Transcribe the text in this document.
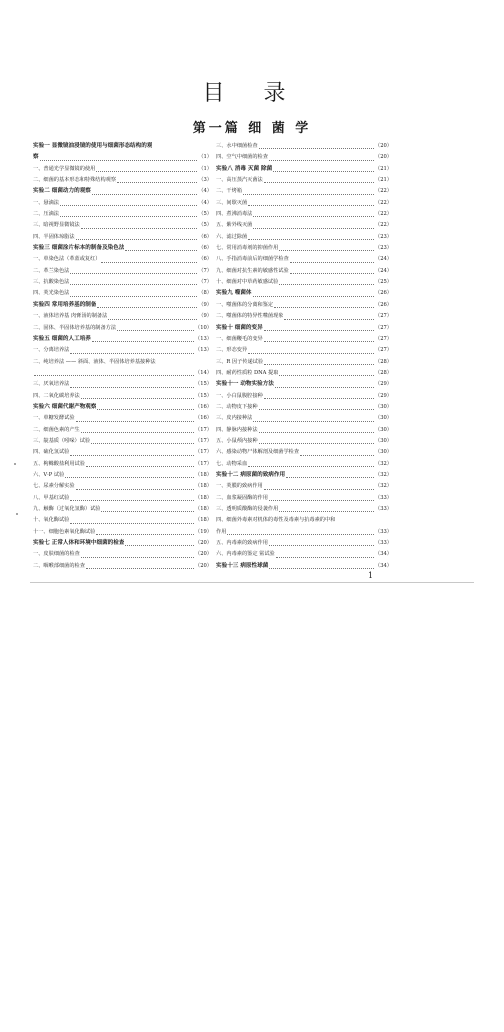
目 录
第一篇 细 菌 学
实验一 显微镜油浸镜的使用与细菌形态结构的观
察	（1）
一、普通光学显微镜的使用	（1）
二、细菌的基本形态和特殊结构观察	（3）
实验二 细菌动力的观察	（4）
一、悬滴法	（4）
二、压滴法	（5）
三、暗视野显微镜法	（5）
四、半固体琼脂法	（6）
实验三 细菌涂片标本的制备及染色法	（6）
一、单染色法（革蓝或复红）	（6）
二、革兰染色法	（7）
三、抗酸染色法	（7）
四、荚光染色法	（8）
实验四 常用培养基的制备	（9）
一、液体培养基 肉膏汤的制备法	（9）
二、固体、半固体培养基的制备方法	（10）
实验五 细菌的人工培养	（13）
一、分离培养法	（13）
二、纯培养法 —— 斜面、液体、半固体培养基接种法
（14）
三、厌氧培养法	（15）
四、二氧化碳培养法	（15）
实验六 细菌代谢产物观察	（16）
一、单糖发酵试验	（16）
二、细菌色素的产生	（17）
三、靛基质（吲哚）试验	（17）
四、硫化氢试验	（17）
五、枸橼酸盐利用试验	（17）
六、V·P 试验	（18）
七、尿素分解实验	（18）
八、甲基红试验	（18）
九、触酶（过氧化氢酶）试验	（18）
十、氧化酶试验	（18）
十一、细胞色素氧化酶试验	（19）
实验七 正常人体和环境中细菌的检查	（20）
一、皮肤细菌的检查	（20）
二、咽喉部细菌的检查	（20）
三、水中细菌检查	（20）
四、空气中细菌的检查	（20）
实验八 消毒 灭菌 除菌	（21）
一、高压蒸汽灭菌法	（21）
二、干烤箱	（22）
三、间歇灭菌	（22）
四、煮沸消毒法	（22）
五、紫外线灭菌	（22）
六、滤过除菌	（23）
七、常用消毒剂的抑菌作用	（23）
八、手指消毒前后的细菌学检查	（24）
九、细菌对抗生素的敏感性试验	（24）
十、细菌对中草药敏感试验	（25）
实验九 噬菌体	（26）
一、噬菌体的分离和鉴定	（26）
二、噬菌体的特异性噬菌现象	（27）
实验十 细菌的变异	（27）
一、细菌鞭毛的变异	（27）
二、形态变异	（27）
三、R 因子传递试验	（28）
四、耐药性质粒 DNA 提取	（28）
实验十一 动物实验方法	（29）
一、小白鼠腹腔接种	（29）
二、动物皮下接种	（30）
三、皮内接种法	（30）
四、静脉内接种法	（30）
五、小鼠颅内接种	（30）
六、感染动物尸体解剖及细菌学检查	（30）
七、动物采血	（32）
实验十二 病原菌的致病作用	（32）
一、荚膜的致病作用	（32）
二、血浆凝固酶的作用	（33）
三、透明质酸酶的侵袭作用	（33）
四、细菌外毒素对机体的毒性及毒素与抗毒素的中和
作用	（33）
五、内毒素的致病作用	（33）
六、内毒素的鉴定 鲎试验	（34）
实验十三 病原性球菌	（34）
1
